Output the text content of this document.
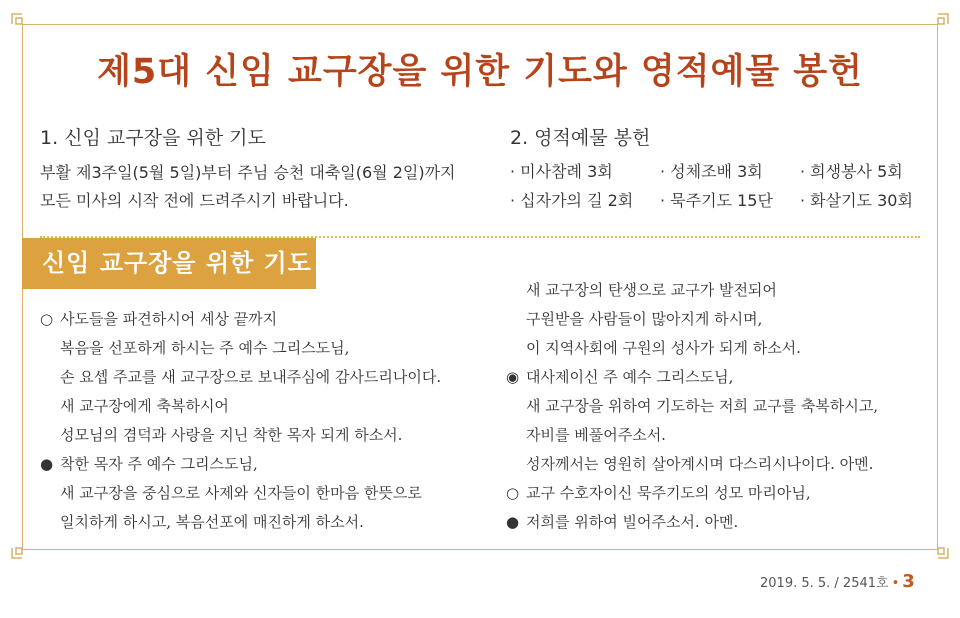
제5대 신임 교구장을 위한 기도와 영적예물 봉헌
1. 신임 교구장을 위한 기도
부활 제3주일(5월 5일)부터 주님 승천 대축일(6월 2일)까지
모든 미사의 시작 전에 드려주시기 바랍니다.
2. 영적예물 봉헌
· 미사참례 3회	· 성체조배 3회 · 희생봉사 5회
· 십자가의 길 2회 · 묵주기도 15단 · 화살기도 30회
신임 교구장을 위한 기도
○ 사도들을 파견하시어 세상 끝까지
복음을 선포하게 하시는 주 예수 그리스도님,
손 요셉 주교를 새 교구장으로 보내주심에 감사드리나이다.
새 교구장에게 축복하시어
성모님의 겸덕과 사랑을 지닌 착한 목자 되게 하소서.
● 착한 목자 주 예수 그리스도님,
새 교구장을 중심으로 사제와 신자들이 한마음 한뜻으로
일치하게 하시고, 복음선포에 매진하게 하소서.
새 교구장의 탄생으로 교구가 발전되어
구원받을 사람들이 많아지게 하시며,
이 지역사회에 구원의 성사가 되게 하소서.
◉ 대사제이신 주 예수 그리스도님,
새 교구장을 위하여 기도하는 저희 교구를 축복하시고,
자비를 베풀어주소서.
성자께서는 영원히 살아계시며 다스리시나이다. 아멘.
○ 교구 수호자이신 묵주기도의 성모 마리아님,
● 저희를 위하여 빌어주소서. 아멘.
2019. 5. 5. / 2541호 • 3
